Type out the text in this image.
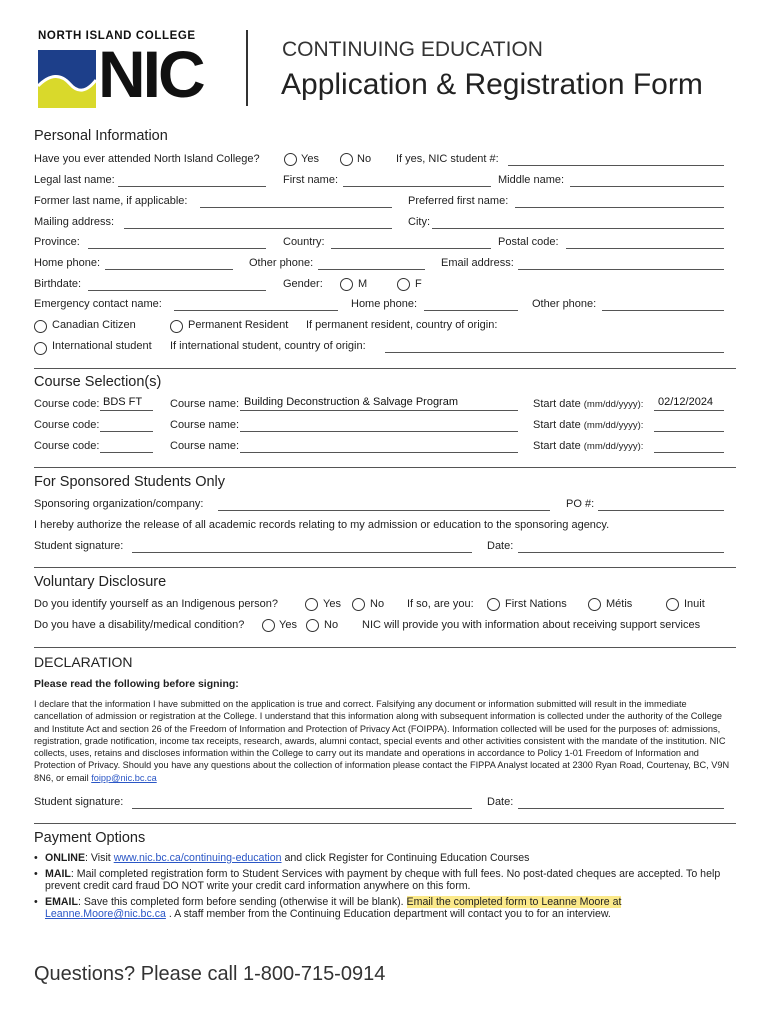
NORTH ISLAND COLLEGE
NIC	CONTINUING EDUCATION
Application & Registration Form
Personal Information
Have you ever attended North Island College?	Yes	No If yes, NIC student #:
Legal last name:	First name:	Middle name:
Former last name, if applicable:	Preferred first name:
Mailing address:	City:
Province:	Country:	Postal code:
Home phone:	Other phone:	Email address:
Birthdate:	Gender:	M	F
Emergency contact name:	Home phone:	Other phone:
Canadian Citizen	Permanent Resident If permanent resident, country of origin:
International student If international student, country of origin:
Course Selection(s)
Course code: BDS FT	Course name: Building Deconstruction & Salvage Program	Start date (mm/dd/yyyy): 02/12/2024
Course code:	Course name:	Start date (mm/dd/yyyy):
Course code:	Course name:	Start date (mm/dd/yyyy):
For Sponsored Students Only
Sponsoring organization/company:	PO #:
I hereby authorize the release of all academic records relating to my admission or education to the sponsoring agency.
Student signature:	Date:
Voluntary Disclosure
Do you identify yourself as an Indigenous person?	Yes	No If so, are you:	First Nations	Métis	Inuit
Do you have a disability/medical condition?	Yes No NIC will provide you with information about receiving support services
DECLARATION
Please read the following before signing:
I declare that the information I have submitted on the application is true and correct. Falsifying any document or information submitted will result in the immediate cancellation of admission or registration at the College. I understand that this information along with subsequent information is collected under the authority of the College and Institute Act and section 26 of the Freedom of Information and Protection of Privacy Act (FOIPPA). Information collected will be used for the purposes of: admissions, registration, grade notification, income tax receipts, research, awards, alumni contact, special events and other activities consistent with the mandate of the institution. NIC collects, uses, retains and discloses information within the College to carry out its mandate and operations in accordance to Policy 1-01 Freedom of Information and Protection of Privacy. Should you have any questions about the collection of information please contact the FIPPA Analyst located at 2300 Ryan Road, Courtenay, BC, V9N 8N6, or email foipp@nic.bc.ca
Student signature:	Date:
Payment Options
• ONLINE: Visit www.nic.bc.ca/continuing-education and click Register for Continuing Education Courses
• MAIL: Mail completed registration form to Student Services with payment by cheque with full fees. No post-dated cheques are accepted. To help prevent credit card fraud DO NOT write your credit card information anywhere on this form.
• EMAIL: Save this completed form before sending (otherwise it will be blank). Email the completed form to Leanne Moore at Leanne.Moore@nic.bc.ca . A staff member from the Continuing Education department will contact you to for an interview.
Questions? Please call 1-800-715-0914
